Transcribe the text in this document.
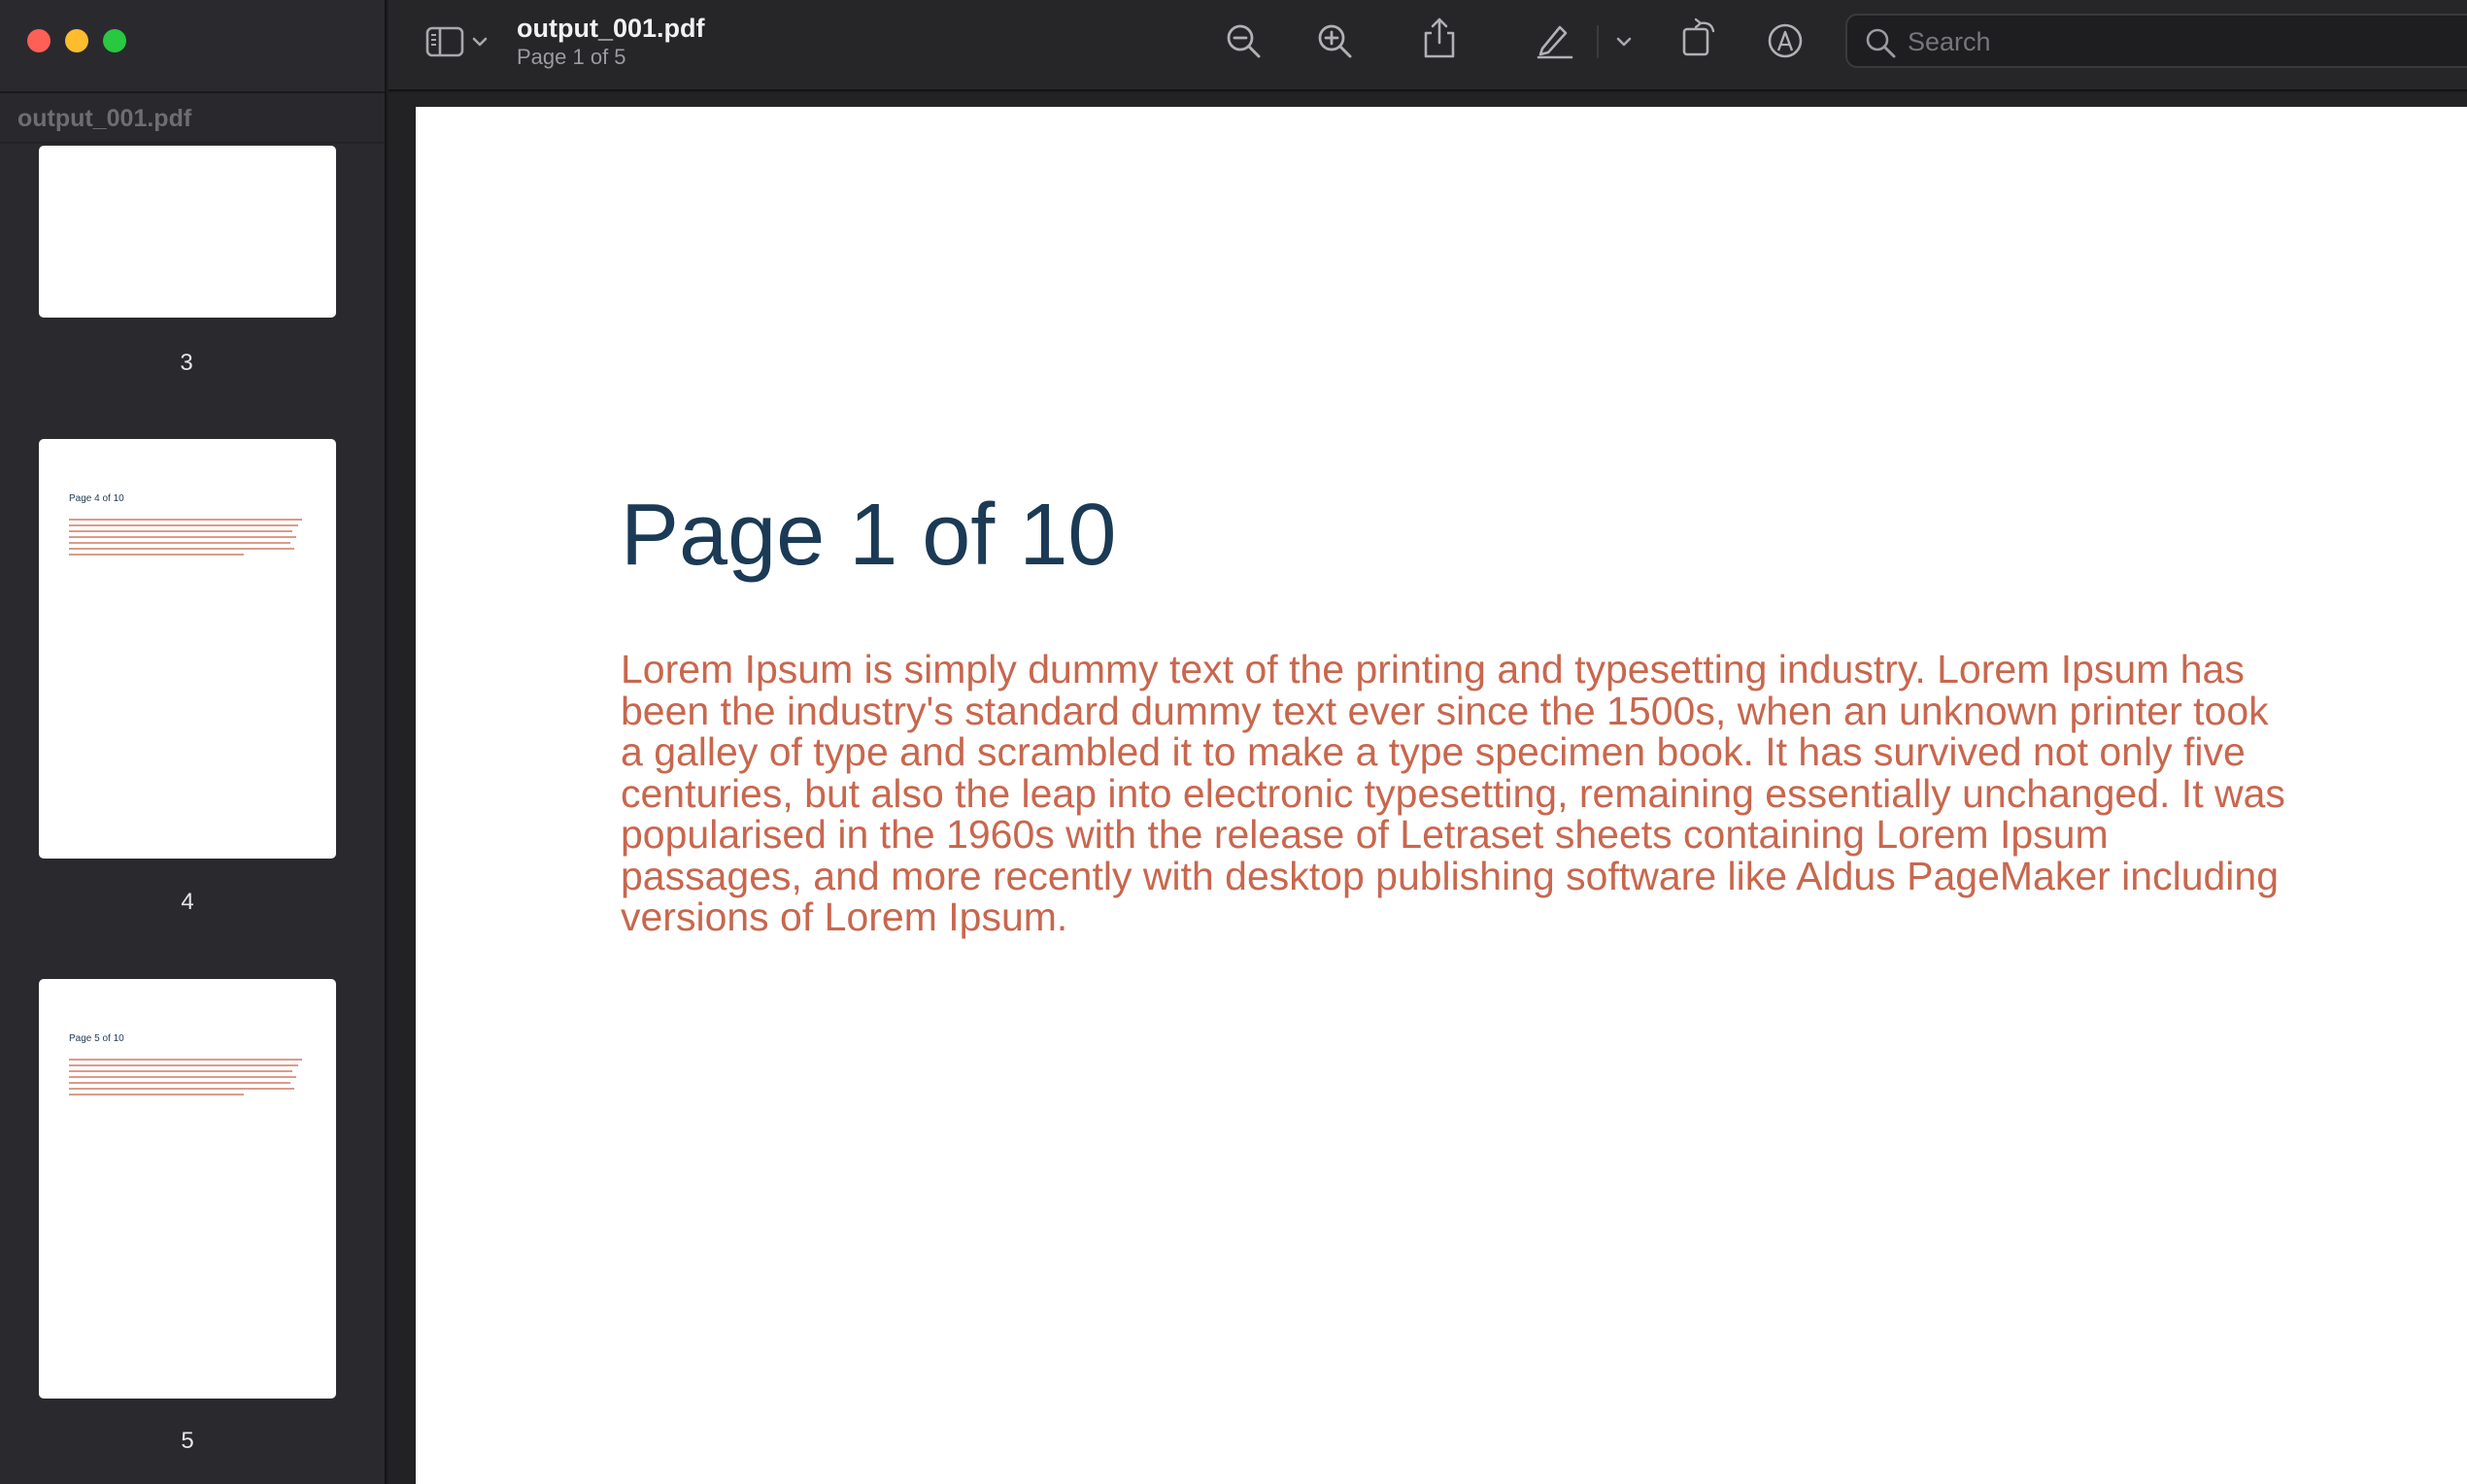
output_001.pdf
3
Page 4 of 10
4
Page 5 of 10
5
output_001.pdf
Page 1 of 5
Search
Page 1 of 10
Lorem Ipsum is simply dummy text of the printing and typesetting industry. Lorem Ipsum has been the industry's standard dummy text ever since the 1500s, when an unknown printer took a galley of type and scrambled it to make a type specimen book. It has survived not only five centuries, but also the leap into electronic typesetting, remaining essentially unchanged. It was popularised in the 1960s with the release of Letraset sheets containing Lorem Ipsum passages, and more recently with desktop publishing software like Aldus PageMaker including versions of Lorem Ipsum.
